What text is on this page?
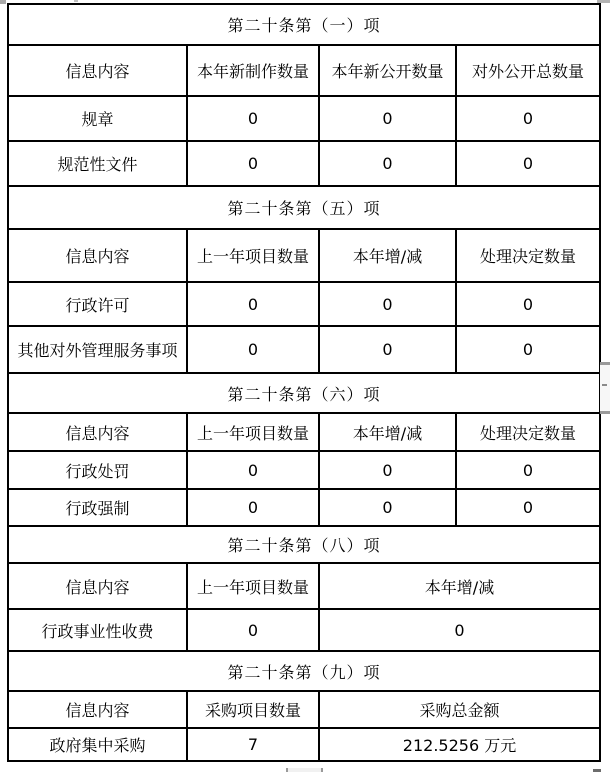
第二十条第（一）项			
信息内容	本年新制作数量	本年新公开数量	对外公开总数量
规章	0	0	0
规范性文件	0	0	0
第二十条第（五）项			
信息内容	上一年项目数量	本年增/减	处理决定数量
行政许可	0	0	0
其他对外管理服务事项	0	0	0
第二十条第（六）项			
信息内容	上一年项目数量	本年增/减	处理决定数量
行政处罚	0	0	0
行政强制	0	0	0
第二十条第（八）项			
信息内容	上一年项目数量	本年增/减	
行政事业性收费	0	0	
第二十条第（九）项			
信息内容	采购项目数量	采购总金额	
政府集中采购	7	212.5256 万元	
